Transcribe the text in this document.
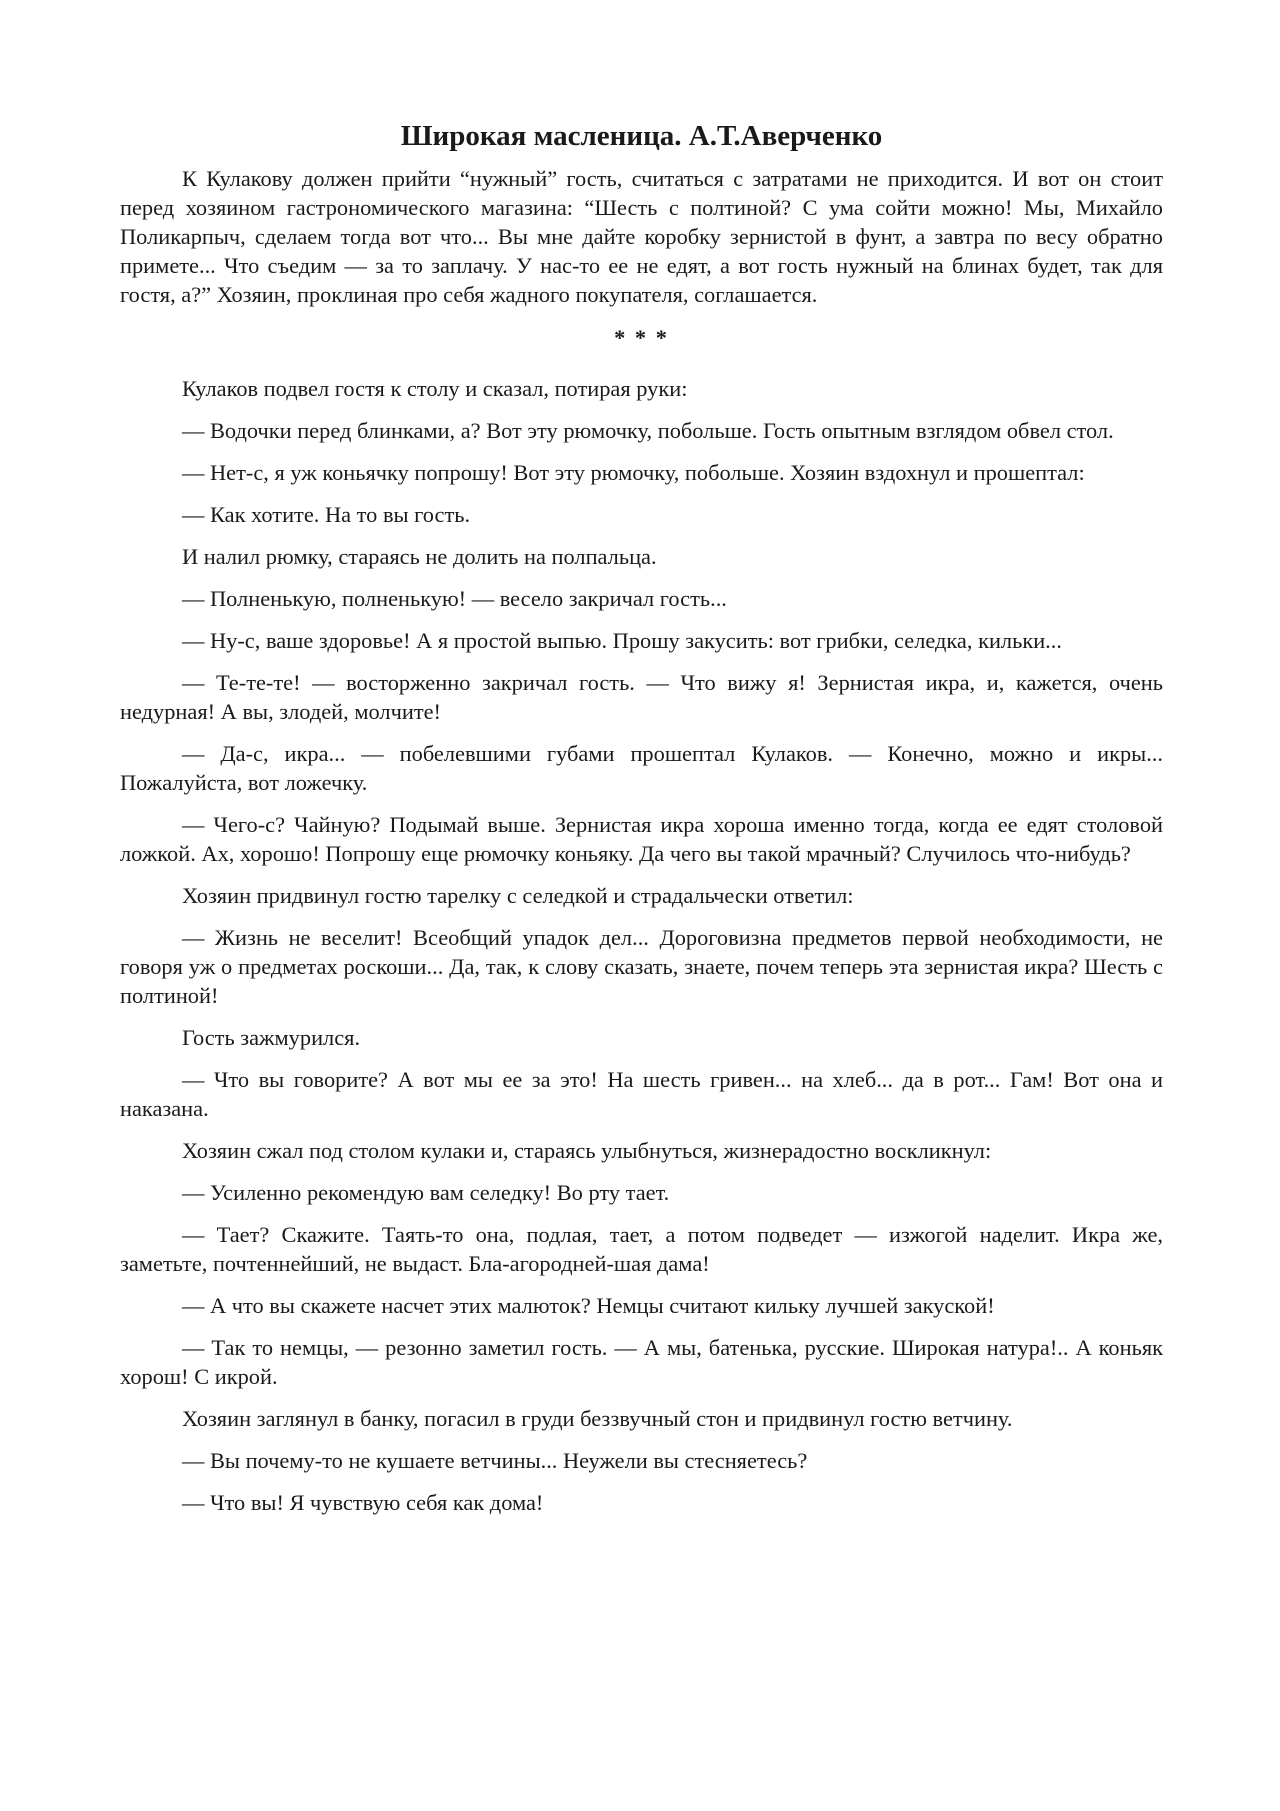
Широкая масленица. А.Т.Аверченко
К Кулакову должен прийти “нужный” гость, считаться с затратами не приходится. И вот он стоит перед хозяином гастрономического магазина: “Шесть с полтиной? С ума сойти можно! Мы, Михайло Поликарпыч, сделаем тогда вот что... Вы мне дайте коробку зернистой в фунт, а завтра по весу обратно примете... Что съедим — за то заплачу. У нас-то ее не едят, а вот гость нужный на блинах будет, так для гостя, а?” Хозяин, проклиная про себя жадного покупателя, соглашается.
* * *
Кулаков подвел гостя к столу и сказал, потирая руки:
— Водочки перед блинками, а? Вот эту рюмочку, побольше. Гость опытным взглядом обвел стол.
— Нет-с, я уж коньячку попрошу! Вот эту рюмочку, побольше. Хозяин вздохнул и прошептал:
— Как хотите. На то вы гость.
И налил рюмку, стараясь не долить на полпальца.
— Полненькую, полненькую! — весело закричал гость...
— Ну-с, ваше здоровье! А я простой выпью. Прошу закусить: вот грибки, селедка, кильки...
— Те-те-те! — восторженно закричал гость. — Что вижу я! Зернистая икра, и, кажется, очень недурная! А вы, злодей, молчите!
— Да-с, икра... — побелевшими губами прошептал Кулаков. — Конечно, можно и икры... Пожалуйста, вот ложечку.
— Чего-с? Чайную? Подымай выше. Зернистая икра хороша именно тогда, когда ее едят столовой ложкой. Ах, хорошо! Попрошу еще рюмочку коньяку. Да чего вы такой мрачный? Случилось что-нибудь?
Хозяин придвинул гостю тарелку с селедкой и страдальчески ответил:
— Жизнь не веселит! Всеобщий упадок дел... Дороговизна предметов первой необходимости, не говоря уж о предметах роскоши... Да, так, к слову сказать, знаете, почем теперь эта зернистая икра? Шесть с полтиной!
Гость зажмурился.
— Что вы говорите? А вот мы ее за это! На шесть гривен... на хлеб... да в рот... Гам! Вот она и наказана.
Хозяин сжал под столом кулаки и, стараясь улыбнуться, жизнерадостно воскликнул:
— Усиленно рекомендую вам селедку! Во рту тает.
— Тает? Скажите. Таять-то она, подлая, тает, а потом подведет — изжогой наделит. Икра же, заметьте, почтеннейший, не выдаст. Бла-агородней-шая дама!
— А что вы скажете насчет этих малюток? Немцы считают кильку лучшей закуской!
— Так то немцы, — резонно заметил гость. — А мы, батенька, русские. Широкая натура!.. А коньяк хорош! С икрой.
Хозяин заглянул в банку, погасил в груди беззвучный стон и придвинул гостю ветчину.
— Вы почему-то не кушаете ветчины... Неужели вы стесняетесь?
— Что вы! Я чувствую себя как дома!
